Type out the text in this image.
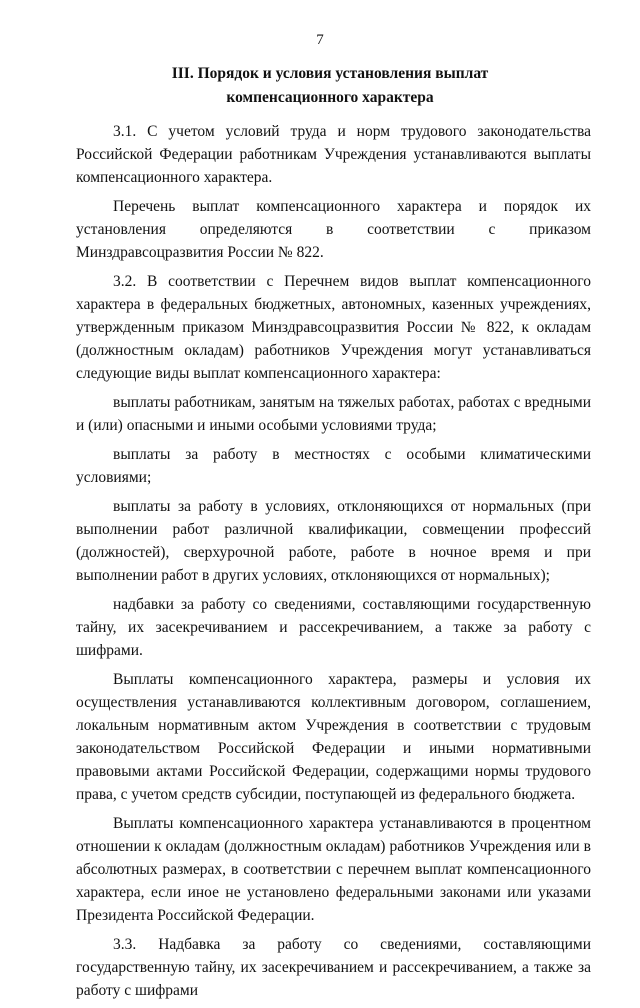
7
III. Порядок и условия установления выплат
компенсационного характера

3.1. С учетом условий труда и норм трудового законодательства Российской Федерации работникам Учреждения устанавливаются выплаты компенсационного характера.

Перечень выплат компенсационного характера и порядок их установления определяются в соответствии с приказом Минздравсоцразвития России № 822.

3.2. В соответствии с Перечнем видов выплат компенсационного характера в федеральных бюджетных, автономных, казенных учреждениях, утвержденным приказом Минздравсоцразвития России № 822, к окладам (должностным окладам) работников Учреждения могут устанавливаться следующие виды выплат компенсационного характера:

выплаты работникам, занятым на тяжелых работах, работах с вредными и (или) опасными и иными особыми условиями труда;

выплаты за работу в местностях с особыми климатическими условиями;

выплаты за работу в условиях, отклоняющихся от нормальных (при выполнении работ различной квалификации, совмещении профессий (должностей), сверхурочной работе, работе в ночное время и при выполнении работ в других условиях, отклоняющихся от нормальных);

надбавки за работу со сведениями, составляющими государственную тайну, их засекречиванием и рассекречиванием, а также за работу с шифрами.

Выплаты компенсационного характера, размеры и условия их осуществления устанавливаются коллективным договором, соглашением, локальным нормативным актом Учреждения в соответствии с трудовым законодательством Российской Федерации и иными нормативными правовыми актами Российской Федерации, содержащими нормы трудового права, с учетом средств субсидии, поступающей из федерального бюджета.

Выплаты компенсационного характера устанавливаются в процентном отношении к окладам (должностным окладам) работников Учреждения или в абсолютных размерах, в соответствии с перечнем выплат компенсационного характера, если иное не установлено федеральными законами или указами Президента Российской Федерации.

3.3. Надбавка за работу со сведениями, составляющими государственную тайну, их засекречиванием и рассекречиванием, а также за работу с шифрами
